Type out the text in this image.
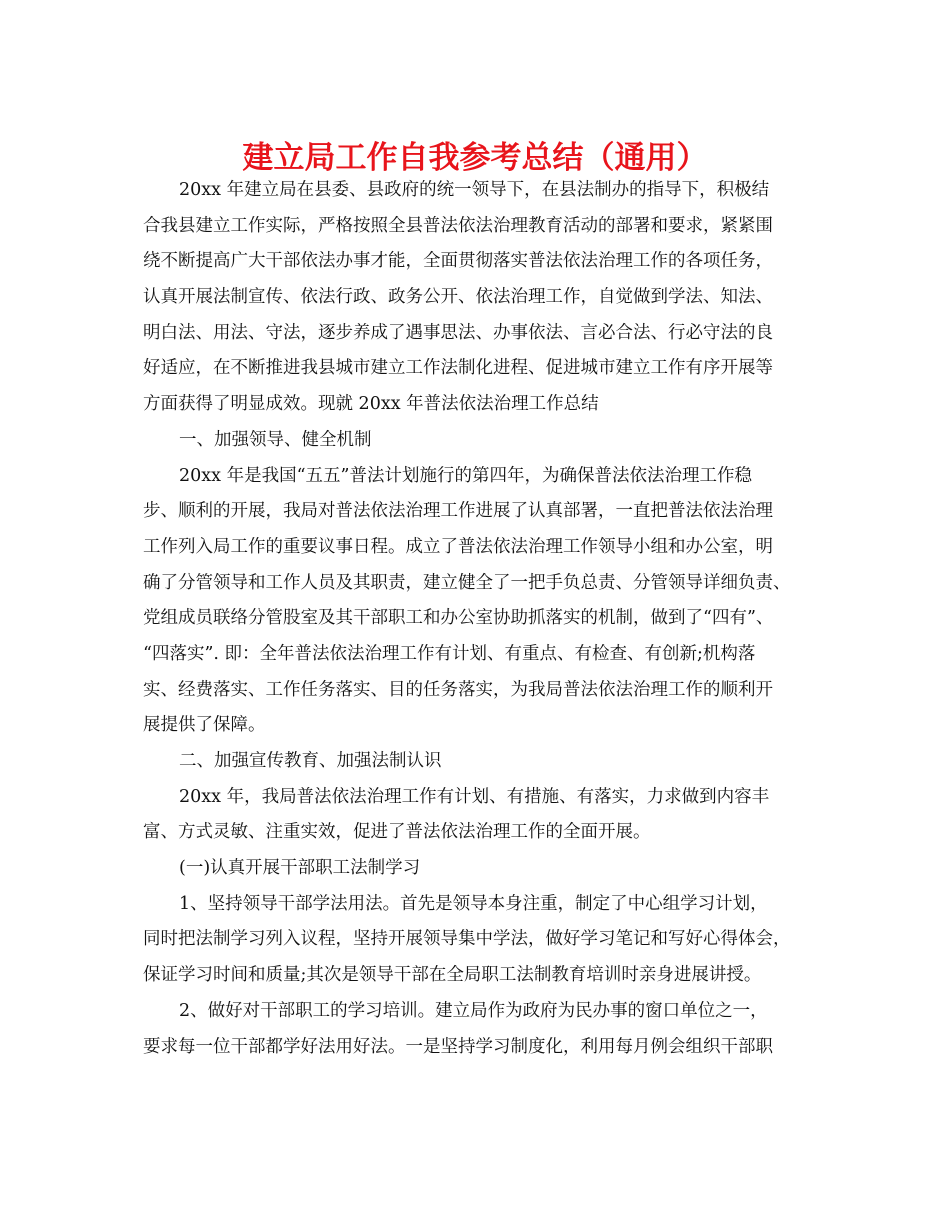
建立局工作自我参考总结（通用）
20xx 年建立局在县委、县政府的统一领导下，在县法制办的指导下，积极结
合我县建立工作实际，严格按照全县普法依法治理教育活动的部署和要求，紧紧围
绕不断提高广大干部依法办事才能，全面贯彻落实普法依法治理工作的各项任务，
认真开展法制宣传、依法行政、政务公开、依法治理工作，自觉做到学法、知法、
明白法、用法、守法，逐步养成了遇事思法、办事依法、言必合法、行必守法的良
好适应，在不断推进我县城市建立工作法制化进程、促进城市建立工作有序开展等
方面获得了明显成效。现就 20xx 年普法依法治理工作总结
一、加强领导、健全机制
20xx 年是我国“五五”普法计划施行的第四年，为确保普法依法治理工作稳
步、顺利的开展，我局对普法依法治理工作进展了认真部署，一直把普法依法治理
工作列入局工作的重要议事日程。成立了普法依法治理工作领导小组和办公室，明
确了分管领导和工作人员及其职责，建立健全了一把手负总责、分管领导详细负责、
党组成员联络分管股室及其干部职工和办公室协助抓落实的机制，做到了“四有”、
“四落实”. 即：全年普法依法治理工作有计划、有重点、有检查、有创新;机构落
实、经费落实、工作任务落实、目的任务落实，为我局普法依法治理工作的顺利开
展提供了保障。
二、加强宣传教育、加强法制认识
20xx 年，我局普法依法治理工作有计划、有措施、有落实，力求做到内容丰
富、方式灵敏、注重实效，促进了普法依法治理工作的全面开展。
(一)认真开展干部职工法制学习
1、坚持领导干部学法用法。首先是领导本身注重，制定了中心组学习计划，
同时把法制学习列入议程，坚持开展领导集中学法，做好学习笔记和写好心得体会，
保证学习时间和质量;其次是领导干部在全局职工法制教育培训时亲身进展讲授。
2、做好对干部职工的学习培训。建立局作为政府为民办事的窗口单位之一，
要求每一位干部都学好法用好法。一是坚持学习制度化，利用每月例会组织干部职
